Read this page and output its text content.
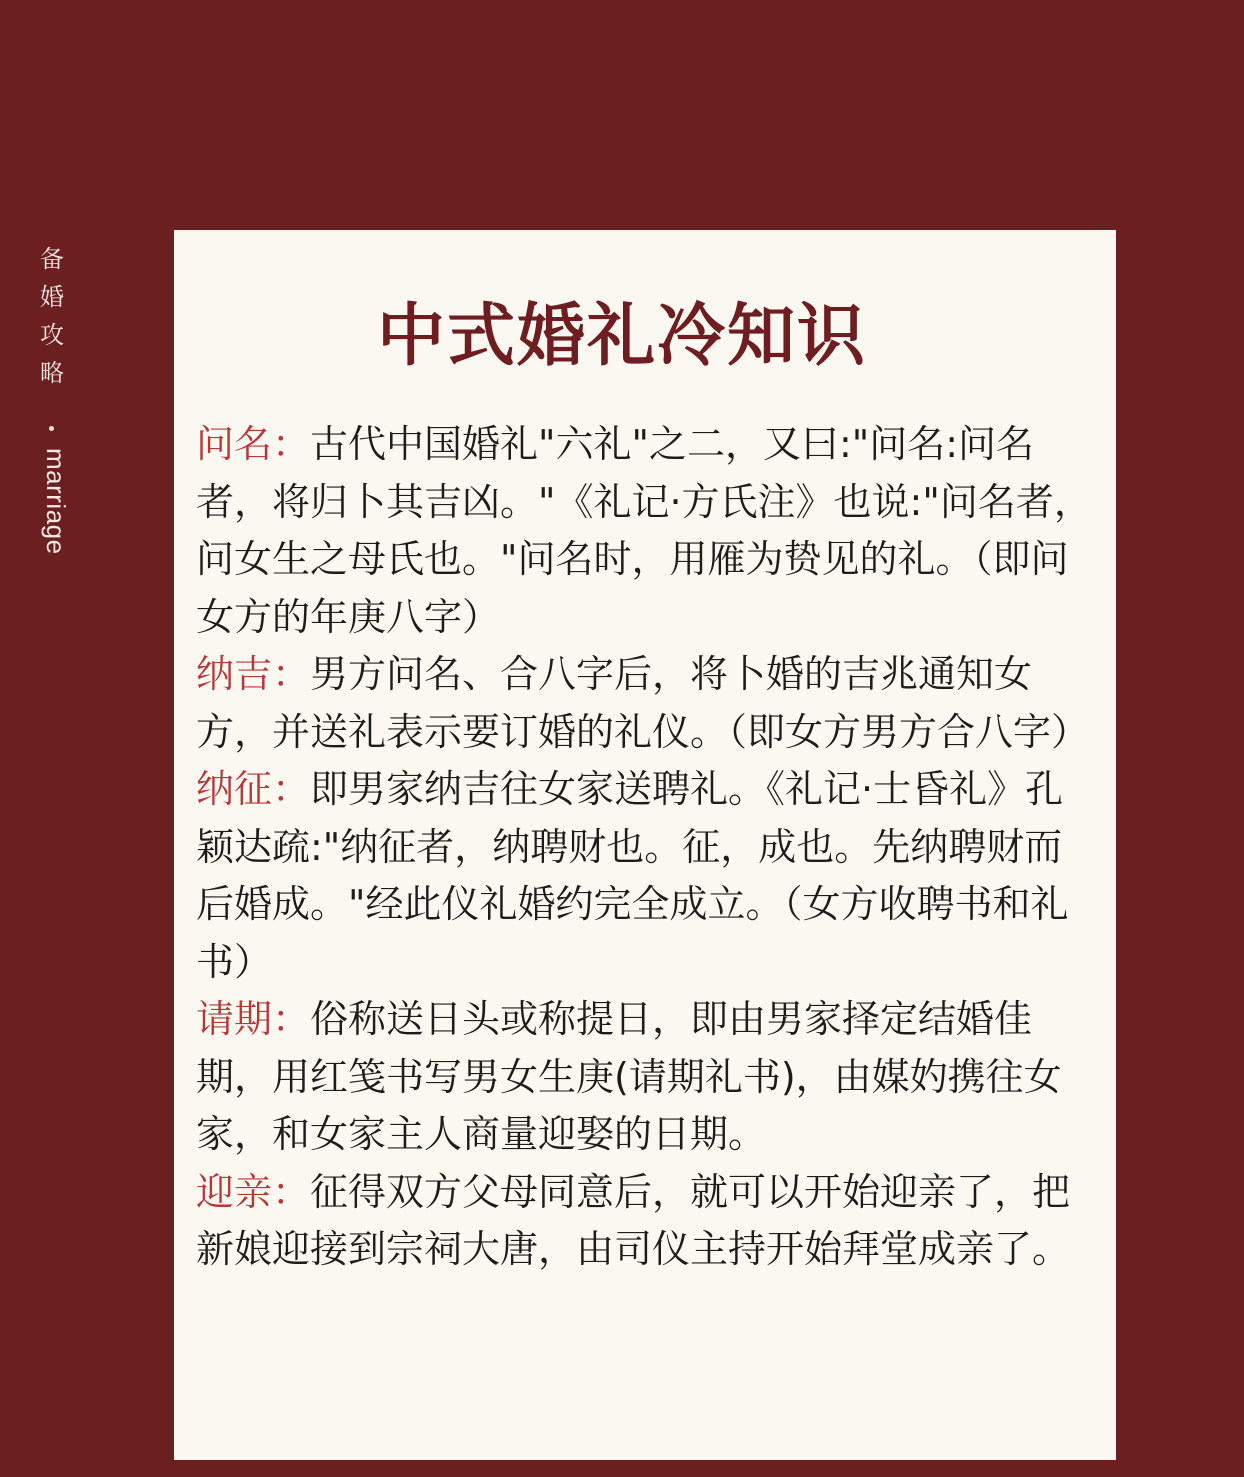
备
婚
攻
略
marriage
中式婚礼冷知识

问名：古代中国婚礼"六礼"之二，又曰:"问名:问名者，将归卜其吉凶。"《礼记·方氏注》也说:"问名者，问女生之母氏也。"问名时，用雁为贽见的礼。（即问女方的年庚八字）

纳吉：男方问名、合八字后，将卜婚的吉兆通知女方，并送礼表示要订婚的礼仪。（即女方男方合八字）

纳征：即男家纳吉往女家送聘礼。《礼记·士昏礼》孔颖达疏:"纳征者，纳聘财也。征，成也。先纳聘财而后婚成。"经此仪礼婚约完全成立。（女方收聘书和礼书）

请期：俗称送日头或称提日，即由男家择定结婚佳期，用红笺书写男女生庚(请期礼书)，由媒妁携往女家，和女家主人商量迎娶的日期。

迎亲：征得双方父母同意后，就可以开始迎亲了，把新娘迎接到宗祠大唐，由司仪主持开始拜堂成亲了。
